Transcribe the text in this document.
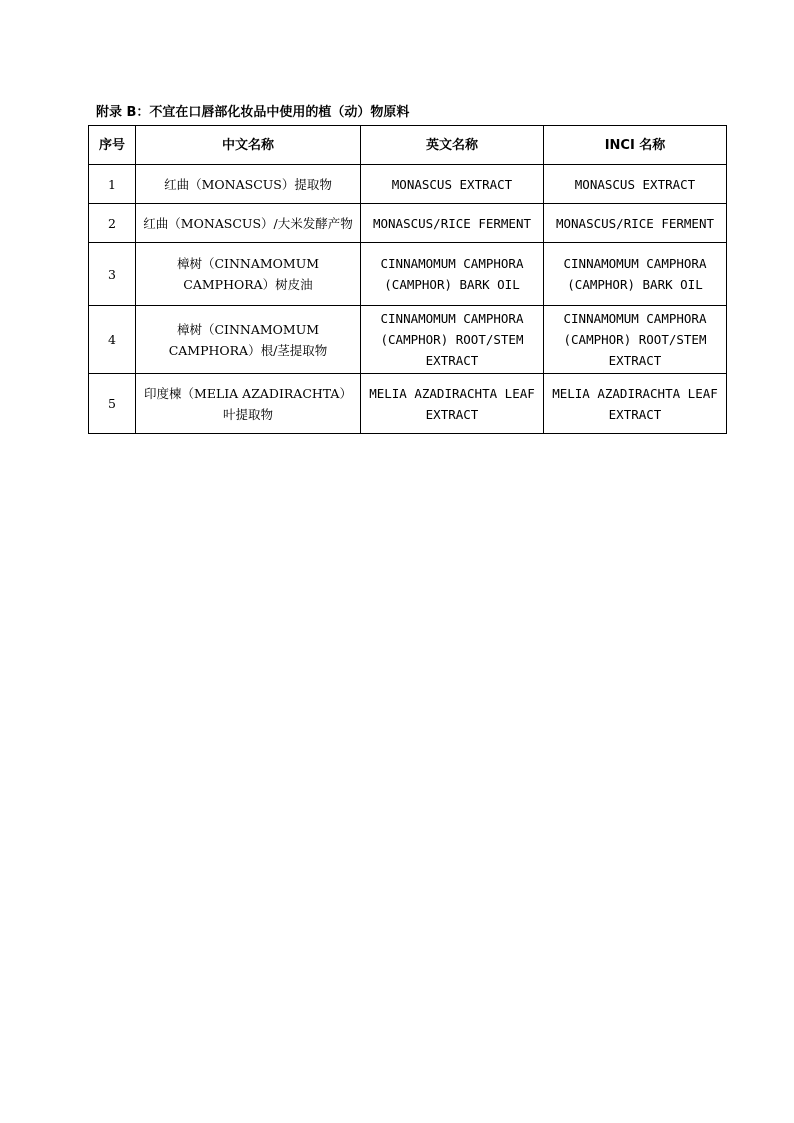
附录 B：不宜在口唇部化妆品中使用的植（动）物原料
序号	中文名称	英文名称	INCI 名称
1	红曲（MONASCUS）提取物	MONASCUS EXTRACT	MONASCUS EXTRACT
2	红曲（MONASCUS）/大米发酵产物	MONASCUS/RICE FERMENT	MONASCUS/RICE FERMENT
3	樟树（CINNAMOMUM CAMPHORA）树皮油	CINNAMOMUM CAMPHORA (CAMPHOR) BARK OIL	CINNAMOMUM CAMPHORA (CAMPHOR) BARK OIL
4	樟树（CINNAMOMUM CAMPHORA）根/茎提取物	CINNAMOMUM CAMPHORA (CAMPHOR) ROOT/STEM EXTRACT	CINNAMOMUM CAMPHORA (CAMPHOR) ROOT/STEM EXTRACT
5	印度楝（MELIA AZADIRACHTA）叶提取物	MELIA AZADIRACHTA LEAF EXTRACT	MELIA AZADIRACHTA LEAF EXTRACT
